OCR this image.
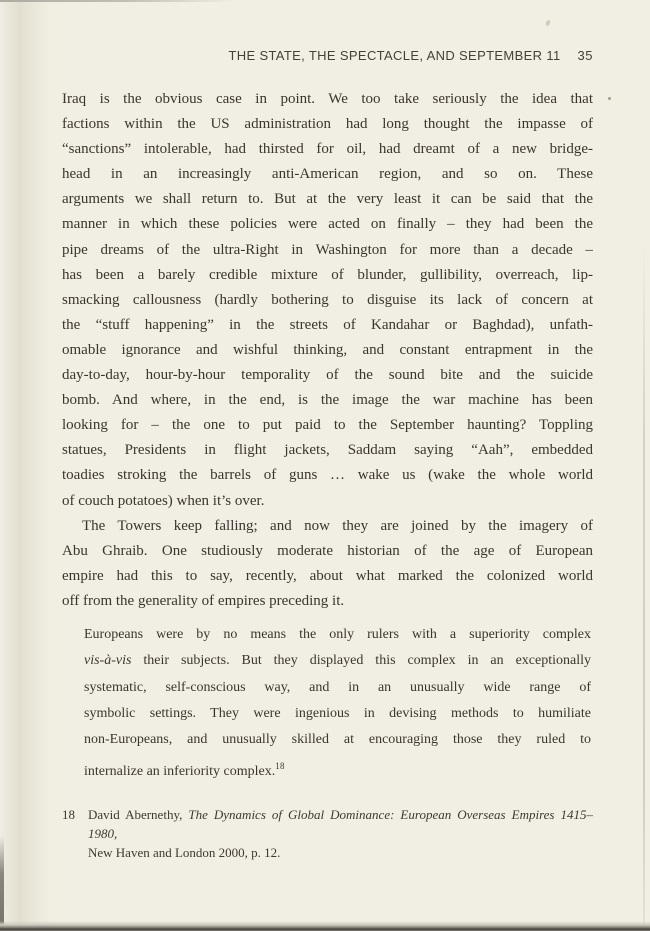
THE STATE, THE SPECTACLE, AND SEPTEMBER 11 35
Iraq is the obvious case in point. We too take seriously the idea that
factions within the US administration had long thought the impasse of
“sanctions” intolerable, had thirsted for oil, had dreamt of a new bridge-
head in an increasingly anti-American region, and so on. These
arguments we shall return to. But at the very least it can be said that the
manner in which these policies were acted on finally – they had been the
pipe dreams of the ultra-Right in Washington for more than a decade –
has been a barely credible mixture of blunder, gullibility, overreach, lip-
smacking callousness (hardly bothering to disguise its lack of concern at
the “stuff happening” in the streets of Kandahar or Baghdad), unfath-
omable ignorance and wishful thinking, and constant entrapment in the
day-to-day, hour-by-hour temporality of the sound bite and the suicide
bomb. And where, in the end, is the image the war machine has been
looking for – the one to put paid to the September haunting? Toppling
statues, Presidents in flight jackets, Saddam saying “Aah”, embedded
toadies stroking the barrels of guns … wake us (wake the whole world
of couch potatoes) when it’s over.
The Towers keep falling; and now they are joined by the imagery of
Abu Ghraib. One studiously moderate historian of the age of European
empire had this to say, recently, about what marked the colonized world
off from the generality of empires preceding it.
Europeans were by no means the only rulers with a superiority complex
vis-à-vis their subjects. But they displayed this complex in an exceptionally
systematic, self-conscious way, and in an unusually wide range of
symbolic settings. They were ingenious in devising methods to humiliate
non-Europeans, and unusually skilled at encouraging those they ruled to
internalize an inferiority complex.$^{18}$
18	David Abernethy, The Dynamics of Global Dominance: European Overseas Empires 1415–1980,
New Haven and London 2000, p. 12.
